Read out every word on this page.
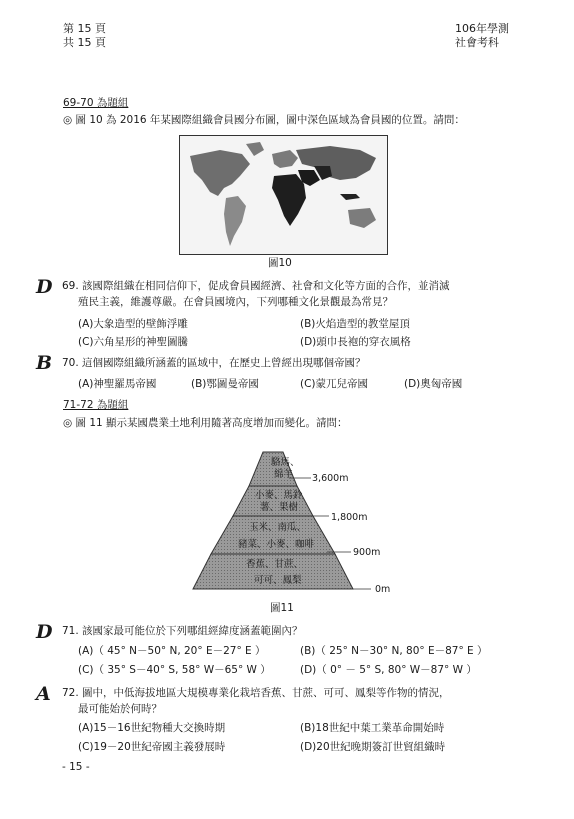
第 15 頁
共 15 頁
106年學測
社會考科
69-70 為題組
◎ 圖 10 為 2016 年某國際組織會員國分布圖，圖中深色區域為會員國的位置。請問：
圖10
D 69. 該國際組織在相同信仰下，促成會員國經濟、社會和文化等方面的合作，並消滅
殖民主義，維護尊嚴。在會員國境內，下列哪種文化景觀最為常見？
(A)大象造型的壁飾浮雕	(B)火焰造型的教堂屋頂
(C)六角星形的神聖圖騰	(D)頭巾長袍的穿衣風格
B 70. 這個國際組織所涵蓋的區域中，在歷史上曾經出現哪個帝國？
(A)神聖羅馬帝國	(B)鄂圖曼帝國	(C)蒙兀兒帝國	(D)奧匈帝國
71-72 為題組
◎ 圖 11 顯示某國農業土地利用隨著高度增加而變化。請問：
駱馬、
綿羊 3,600m
小麥、馬鈴
薯、果樹
1,800m
玉米、南瓜、
豬菜、小麥、咖啡
900m
香蕉、甘蔗、
可可、鳳梨
0m
圖11
D 71. 該國家最可能位於下列哪組經緯度涵蓋範圍內？
(A)（ 45° N－50° N, 20° E－27° E ）	(B)（ 25° N－30° N, 80° E－87° E ）
(C)（ 35° S－40° S, 58° W－65° W ）	(D)（ 0° － 5° S, 80° W－87° W ）
A 72. 圖中，中低海拔地區大規模專業化栽培香蕉、甘蔗、可可、鳳梨等作物的情況，
最可能始於何時？
(A)15－16世紀物種大交換時期	(B)18世紀中葉工業革命開始時
(C)19－20世紀帝國主義發展時	(D)20世紀晚期簽訂世貿組織時
- 15 -
